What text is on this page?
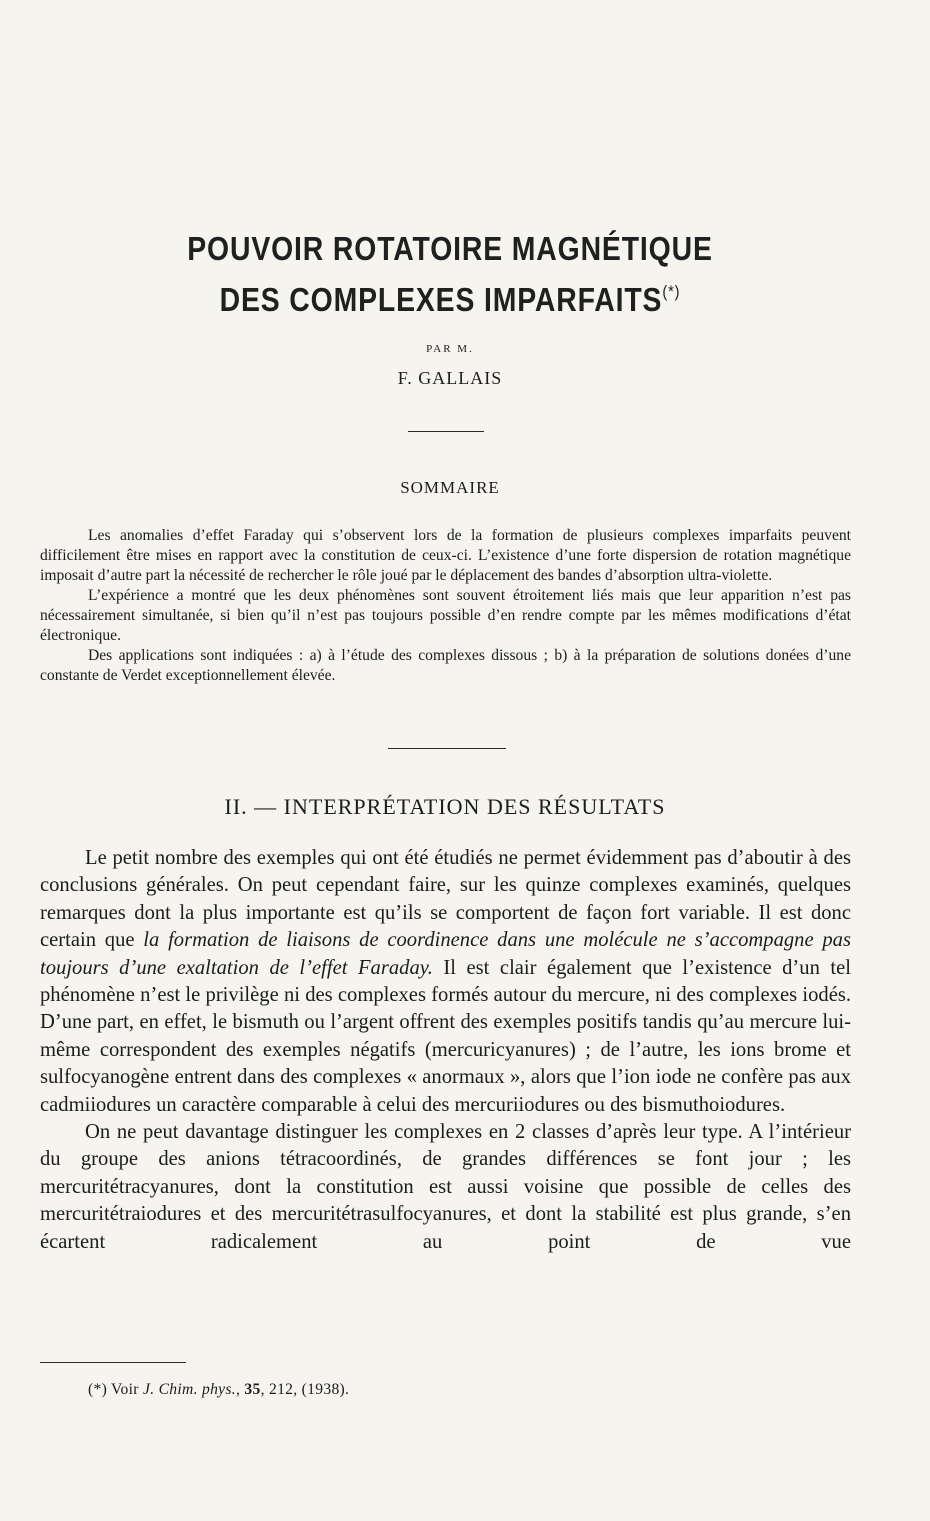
POUVOIR ROTATOIRE MAGNÉTIQUE
DES COMPLEXES IMPARFAITS(*)
PAR M.
F. GALLAIS
SOMMAIRE

Les anomalies d’effet Faraday qui s’observent lors de la formation de plusieurs complexes imparfaits peuvent difficilement être mises en rapport avec la constitution de ceux-ci. L’existence d’une forte dispersion de rotation magnétique imposait d’autre part la nécessité de rechercher le rôle joué par le déplacement des bandes d’absorption ultra-violette.

L’expérience a montré que les deux phénomènes sont souvent étroitement liés mais que leur apparition n’est pas nécessairement simultanée, si bien qu’il n’est pas toujours possible d’en rendre compte par les mêmes modifications d’état électronique.

Des applications sont indiquées : a) à l’étude des complexes dissous ; b) à la préparation de solutions donées d’une constante de Verdet exceptionnellement élevée.

II. — INTERPRÉTATION DES RÉSULTATS

Le petit nombre des exemples qui ont été étudiés ne permet évidemment pas d’aboutir à des conclusions générales. On peut cependant faire, sur les quinze complexes examinés, quelques remarques dont la plus importante est qu’ils se comportent de façon fort variable. Il est donc certain que la formation de liaisons de coordinence dans une molécule ne s’accompagne pas toujours d’une exaltation de l’effet Faraday. Il est clair également que l’existence d’un tel phénomène n’est le privilège ni des complexes formés autour du mercure, ni des complexes iodés. D’une part, en effet, le bismuth ou l’argent offrent des exemples positifs tandis qu’au mercure lui-même correspondent des exemples négatifs (mercuricyanures) ; de l’autre, les ions brome et sulfocyanogène entrent dans des complexes « anormaux », alors que l’ion iode ne confère pas aux cadmiiodures un caractère comparable à celui des mercuriiodures ou des bismuthoiodures.

On ne peut davantage distinguer les complexes en 2 classes d’après leur type. A l’intérieur du groupe des anions tétracoordinés, de grandes différences se font jour ; les mercuritétracyanures, dont la constitution est aussi voisine que possible de celles des mercuritétraiodures et des mercuritétrasulfocyanures, et dont la stabilité est plus grande, s’en écartent radicalement au point de vue

(*) Voir J. Chim. phys., 35, 212, (1938).
